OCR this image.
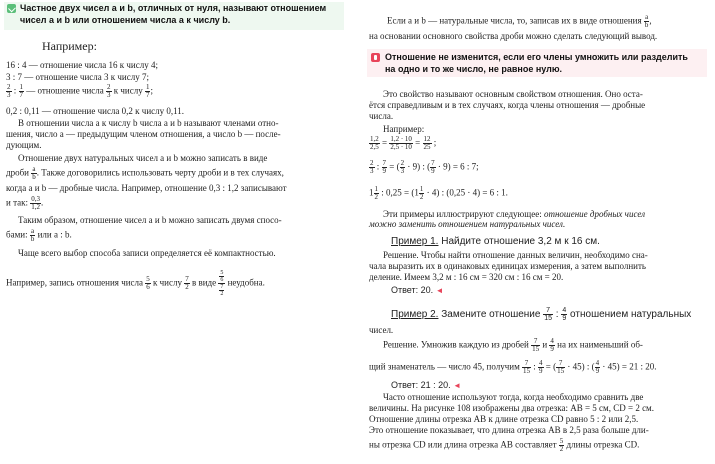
Частное двух чисел a и b, отличных от нуля, называют отношением
чисел a и b или отношением числа a к числу b.
Например:
16 : 4 — отношение числа 16 к числу 4;
3 : 7 — отношение числа 3 к числу 7;
$\frac{2}{3}$ : $\frac{1}{7}$ — отношение числа $\frac{2}{3}$ к числу $\frac{1}{7}$ ;
0,2 : 0,11 — отношение числа 0,2 к числу 0,11.
В отношении числа a к числу b числа a и b называют членами отно-
шения, число a — предыдущим членом отношения, а число b — после-
дующим.
Отношение двух натуральных чисел a и b можно записать в виде
дроби $\frac{a}{b}$ . Также договорились использовать черту дроби и в тех случаях,
когда a и b — дробные числа. Например, отношение 0,3 : 1,2 записывают
и так: $\frac{0,3}{1,2}$ .
Таким образом, отношение чисел a и b можно записать двумя спосо-
бами: $\frac{a}{b}$ или a : b.
Чаще всего выбор способа записи определяется её компактностью.
Например, запись отношения числа $\frac{5}{6}$ к числу $\frac{7}{2}$ в виде $\frac{\frac{5}{6}}{\frac{7}{2}}$ неудобна.
Если a и b — натуральные числа, то, записав их в виде отношения $\frac{a}{b}$ ,
на основании основного свойства дроби можно сделать следующий вывод.
Отношение не изменится, если его члены умножить или разделить
на одно и то же число, не равное нулю.
Это свойство называют основным свойством отношения. Оно оста-
ётся справедливым и в тех случаях, когда члены отношения — дробные
числа.
Например:
$\frac{1,2}{2,5} = \frac{1,2 \cdot 10}{2,5 \cdot 10} = \frac{12}{25}$ ;
$\frac{2}{3}$ : $\frac{7}{9}$ = ( $\frac{2}{3} \cdot 9$) : ( $\frac{7}{9} \cdot 9) = 6$ : 7;
$1 \frac{1}{2}$ : $0,25 = (1 \frac{1}{2} \cdot 4)$ : (0,25 · 4) = 6 : 1.
Эти примеры иллюстрируют следующее: отношение дробных чисел
можно заменить отношением натуральных чисел.
Пример 1. Найдите отношение 3,2 м к 16 см.
Решение. Чтобы найти отношение данных величин, необходимо сна-
чала выразить их в одинаковых единицах измерения, а затем выполнить
деление. Имеем 3,2 м : 16 см = 320 см : 16 см = 20.
Ответ: 20. ◄
Пример 2. Замените отношение $\frac{7}{15}$ : $\frac{4}{9}$ отношением натуральных
чисел.
Решение. Умножив каждую из дробей $\frac{7}{15}$ и $\frac{4}{9}$ на их наименьший об-
щий знаменатель — число 45, получим $\frac{7}{15}$ : $\frac{4}{9}$ = ( $\frac{7}{15} \cdot 45$) : ( $\frac{4}{9} \cdot 45) = 21$ : 20.
Ответ: 21 : 20. ◄
Часто отношение используют тогда, когда необходимо сравнить две
величины. На рисунке 108 изображены два отрезка: AB = 5 см, CD = 2 см.
Отношение длины отрезка AB к длине отрезка CD равно 5 : 2 или 2,5.
Это отношение показывает, что длина отрезка AB в 2,5 раза больше дли-
ны отрезка CD или длина отрезка AB составляет $\frac{5}{2}$ длины отрезка CD.
